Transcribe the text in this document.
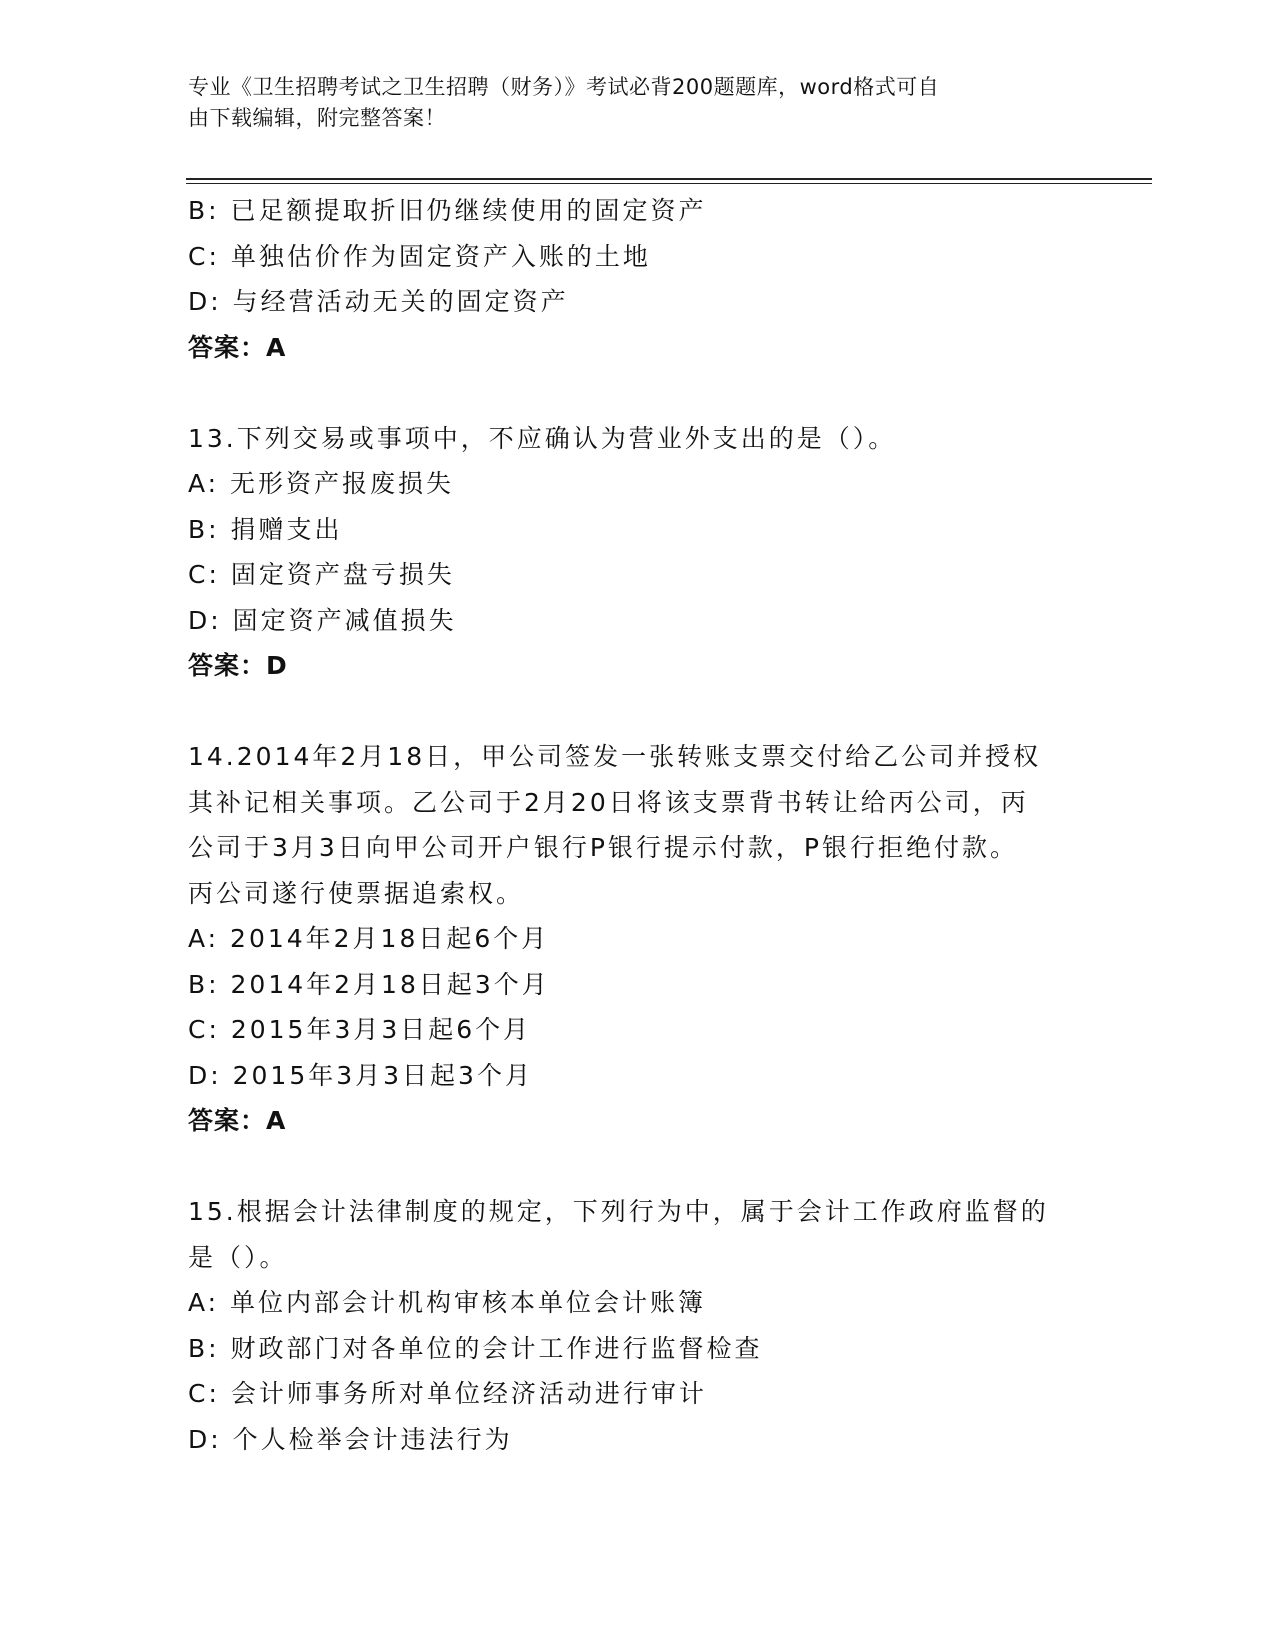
专业《卫生招聘考试之卫生招聘（财务）》考试必背200题题库，word格式可自
由下载编辑，附完整答案！
B: 已足额提取折旧仍继续使用的固定资产
C: 单独估价作为固定资产入账的土地
D: 与经营活动无关的固定资产
答案：A
13.下列交易或事项中，不应确认为营业外支出的是（）。
A: 无形资产报废损失
B: 捐赠支出
C: 固定资产盘亏损失
D: 固定资产减值损失
答案：D
14.2014年2月18日，甲公司签发一张转账支票交付给乙公司并授权
其补记相关事项。乙公司于2月20日将该支票背书转让给丙公司，丙
公司于3月3日向甲公司开户银行P银行提示付款，P银行拒绝付款。
丙公司遂行使票据追索权。
A: 2014年2月18日起6个月
B: 2014年2月18日起3个月
C: 2015年3月3日起6个月
D: 2015年3月3日起3个月
答案：A
15.根据会计法律制度的规定，下列行为中，属于会计工作政府监督的
是（）。
A: 单位内部会计机构审核本单位会计账簿
B: 财政部门对各单位的会计工作进行监督检查
C: 会计师事务所对单位经济活动进行审计
D: 个人检举会计违法行为
